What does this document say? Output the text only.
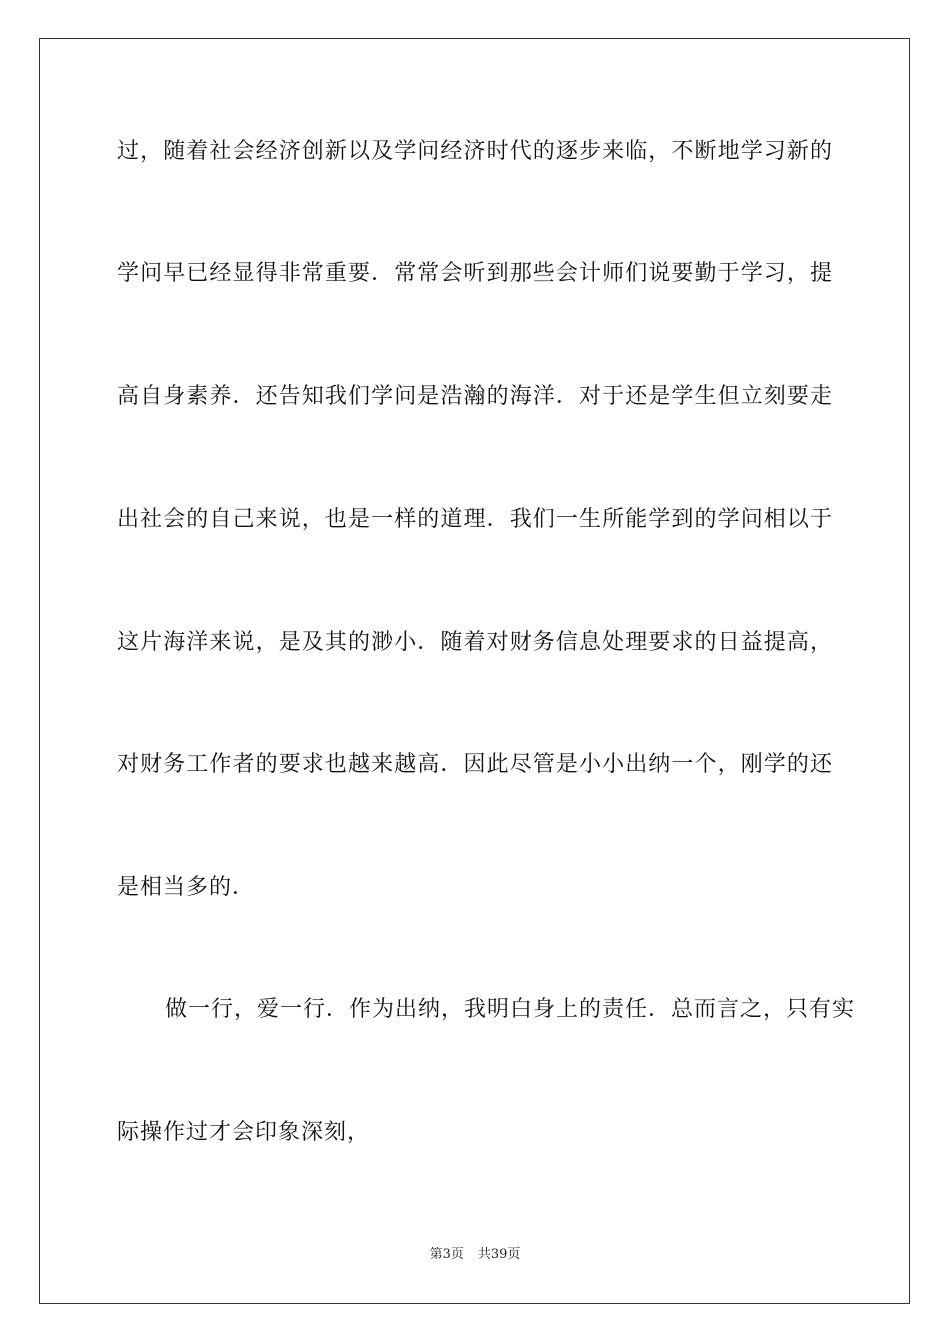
过，随着社会经济创新以及学问经济时代的逐步来临，不断地学习新的
学问早已经显得非常重要．常常会听到那些会计师们说要勤于学习，提
高自身素养．还告知我们学问是浩瀚的海洋．对于还是学生但立刻要走
出社会的自己来说，也是一样的道理．我们一生所能学到的学问相以于
这片海洋来说，是及其的渺小．随着对财务信息处理要求的日益提高，
对财务工作者的要求也越来越高．因此尽管是小小出纳一个，刚学的还
是相当多的．
做一行，爱一行．作为出纳，我明白身上的责任．总而言之，只有实
际操作过才会印象深刻，
第3页 共39页
